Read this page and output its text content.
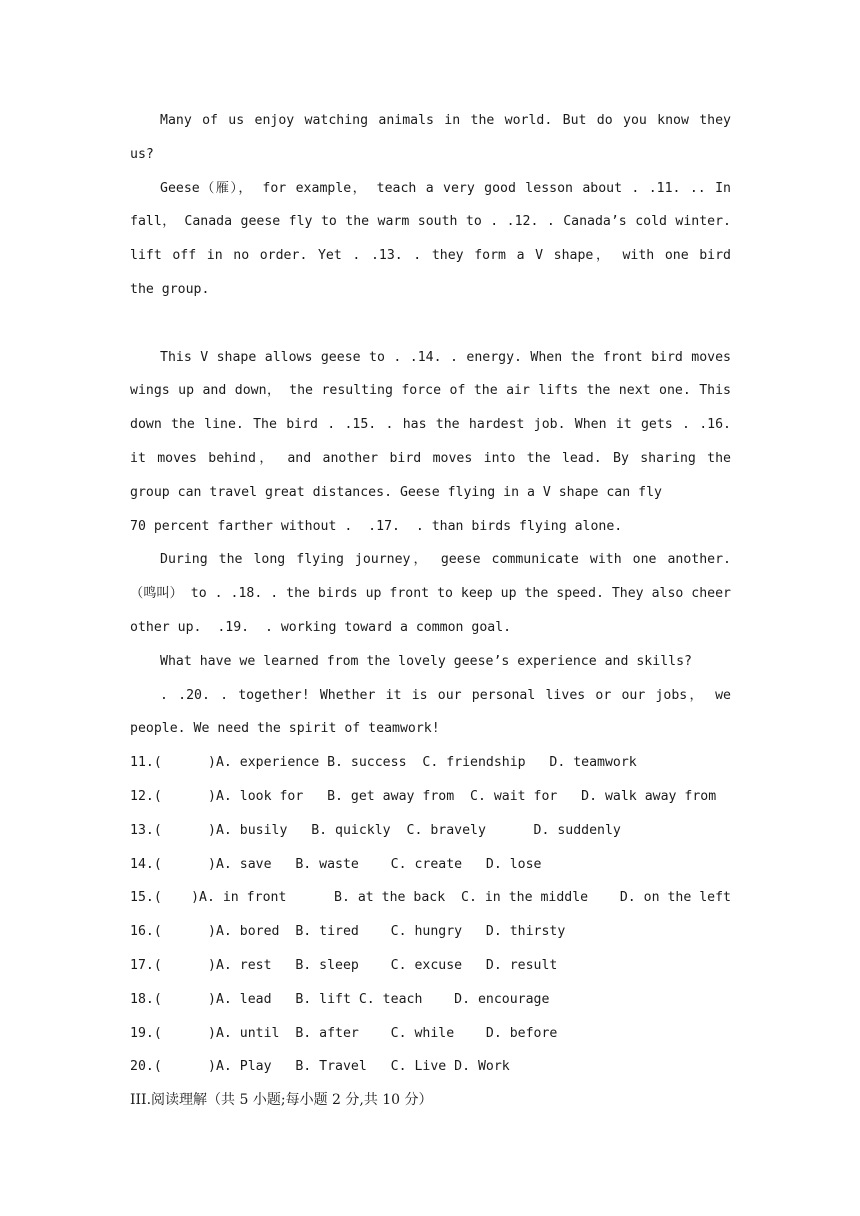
Many of us enjoy watching animals in the world. But do you know they
us?
Geese（雁）， for example， teach a very good lesson about . .11. .. In
fall， Canada geese fly to the warm south to . .12. . Canada’s cold winter.
lift off in no order. Yet . .13. . they form a V shape， with one bird
the group.
This V shape allows geese to . .14. . energy. When the front bird moves
wings up and down， the resulting force of the air lifts the next one. This
down the line. The bird . .15. . has the hardest job. When it gets . .16.
it moves behind， and another bird moves into the lead. By sharing the
group can travel great distances. Geese flying in a V shape can fly
70 percent farther without .  .17.  . than birds flying alone.
During the long flying journey， geese communicate with one another.
（鸣叫） to . .18. . the birds up front to keep up the speed. They also cheer
other up.  .19.  . working toward a common goal.
What have we learned from the lovely geese’s experience and skills?
. .20. . together! Whether it is our personal lives or our jobs， we
people. We need the spirit of teamwork!
11.(	) A. experience B. success  C. friendship   D. teamwork
12.(	) A. look for   B. get away from  C. wait for   D. walk away from
13.(	) A. busily   B. quickly  C. bravely      D. suddenly
14.(	) A. save   B. waste    C. create   D. lose
15.( ) A. in front      B. at the back  C. in the middle    D. on the left
16.(	) A. bored  B. tired    C. hungry   D. thirsty
17.(	) A. rest   B. sleep    C. excuse   D. result
18.(	) A. lead   B. lift C. teach    D. encourage
19.(	) A. until  B. after    C. while    D. before
20.(	) A. Play   B. Travel   C. Live D. Work
III.阅读理解（共 5 小题;每小题 2 分,共 10 分）
